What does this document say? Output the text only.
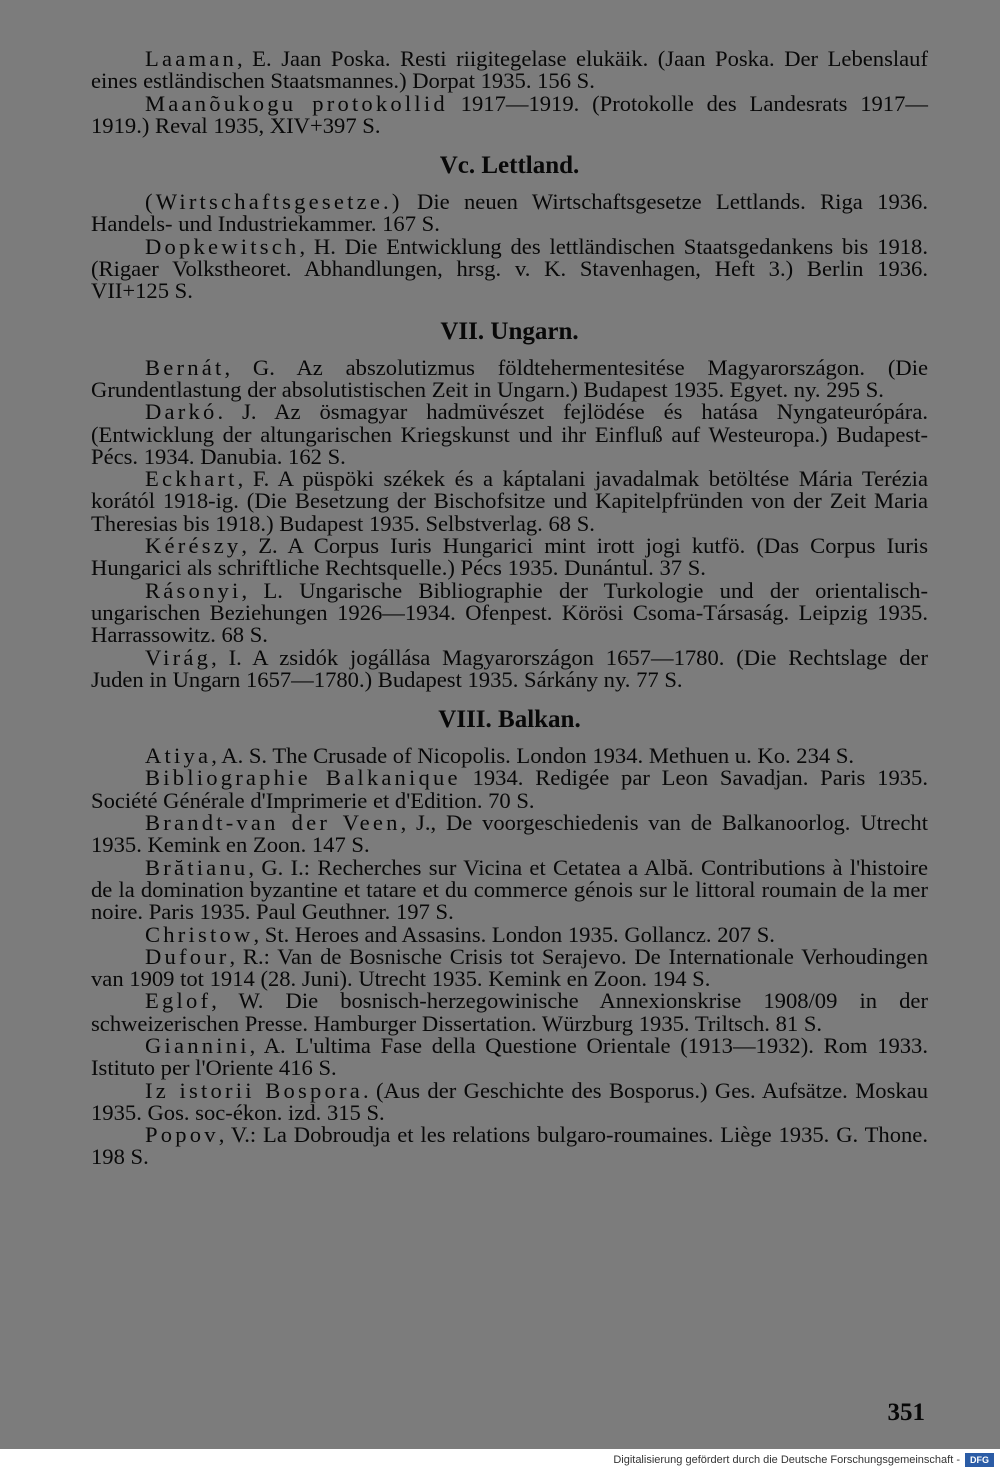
Laaman, E. Jaan Poska. Resti riigitegelase elukäik. (Jaan Poska. Der Lebenslauf eines estländischen Staatsmannes.) Dorpat 1935. 156 S.

Maanõukogu protokollid 1917—1919. (Protokolle des Landesrats 1917—1919.) Reval 1935, XIV+397 S.

Vc. Lettland.

(Wirtschaftsgesetze.) Die neuen Wirtschaftsgesetze Lettlands. Riga 1936. Handels- und Industriekammer. 167 S.

Dopkewitsch, H. Die Entwicklung des lettländischen Staatsgedankens bis 1918. (Rigaer Volkstheoret. Abhandlungen, hrsg. v. K. Stavenhagen, Heft 3.) Berlin 1936. VII+125 S.

VII. Ungarn.

Bernát, G. Az abszolutizmus földtehermentesitése Magyarországon. (Die Grundentlastung der absolutistischen Zeit in Ungarn.) Budapest 1935. Egyet. ny. 295 S.

Darkó. J. Az ösmagyar hadmüvészet fejlödése és hatása Nyngateurópára. (Entwicklung der altungarischen Kriegskunst und ihr Einfluß auf Westeuropa.) Budapest-Pécs. 1934. Danubia. 162 S.

Eckhart, F. A püspöki székek és a káptalani javadalmak betöltése Mária Terézia korától 1918-ig. (Die Besetzung der Bischofsitze und Kapitelpfründen von der Zeit Maria Theresias bis 1918.) Budapest 1935. Selbstverlag. 68 S.

Kérészy, Z. A Corpus Iuris Hungarici mint irott jogi kutfö. (Das Corpus Iuris Hungarici als schriftliche Rechtsquelle.) Pécs 1935. Dunántul. 37 S.

Rásonyi, L. Ungarische Bibliographie der Turkologie und der orientalisch-ungarischen Beziehungen 1926—1934. Ofenpest. Körösi Csoma-Társaság. Leipzig 1935. Harrassowitz. 68 S.

Virág, I. A zsidók jogállása Magyarországon 1657—1780. (Die Rechtslage der Juden in Ungarn 1657—1780.) Budapest 1935. Sárkány ny. 77 S.

VIII. Balkan.

Atiya, A. S. The Crusade of Nicopolis. London 1934. Methuen u. Ko. 234 S.

Bibliographie Balkanique 1934. Redigée par Leon Savadjan. Paris 1935. Société Générale d'Imprimerie et d'Edition. 70 S.

Brandt-van der Veen, J., De voorgeschiedenis van de Balkanoorlog. Utrecht 1935. Kemink en Zoon. 147 S.

Brătianu, G. I.: Recherches sur Vicina et Cetatea a Albă. Contributions à l'histoire de la domination byzantine et tatare et du commerce génois sur le littoral roumain de la mer noire. Paris 1935. Paul Geuthner. 197 S.

Christow, St. Heroes and Assasins. London 1935. Gollancz. 207 S.

Dufour, R.: Van de Bosnische Crisis tot Serajevo. De Internationale Verhoudingen van 1909 tot 1914 (28. Juni). Utrecht 1935. Kemink en Zoon. 194 S.

Eglof, W. Die bosnisch-herzegowinische Annexionskrise 1908/09 in der schweizerischen Presse. Hamburger Dissertation. Würzburg 1935. Triltsch. 81 S.

Giannini, A. L'ultima Fase della Questione Orientale (1913—1932). Rom 1933. Istituto per l'Oriente 416 S.

Iz istorii Bospora. (Aus der Geschichte des Bosporus.) Ges. Aufsätze. Moskau 1935. Gos. soc-ékon. izd. 315 S.

Popov, V.: La Dobroudja et les relations bulgaro-roumaines. Liège 1935. G. Thone. 198 S.

351
Digitalisierung gefördert durch die Deutsche Forschungsgemeinschaft -	DFG
